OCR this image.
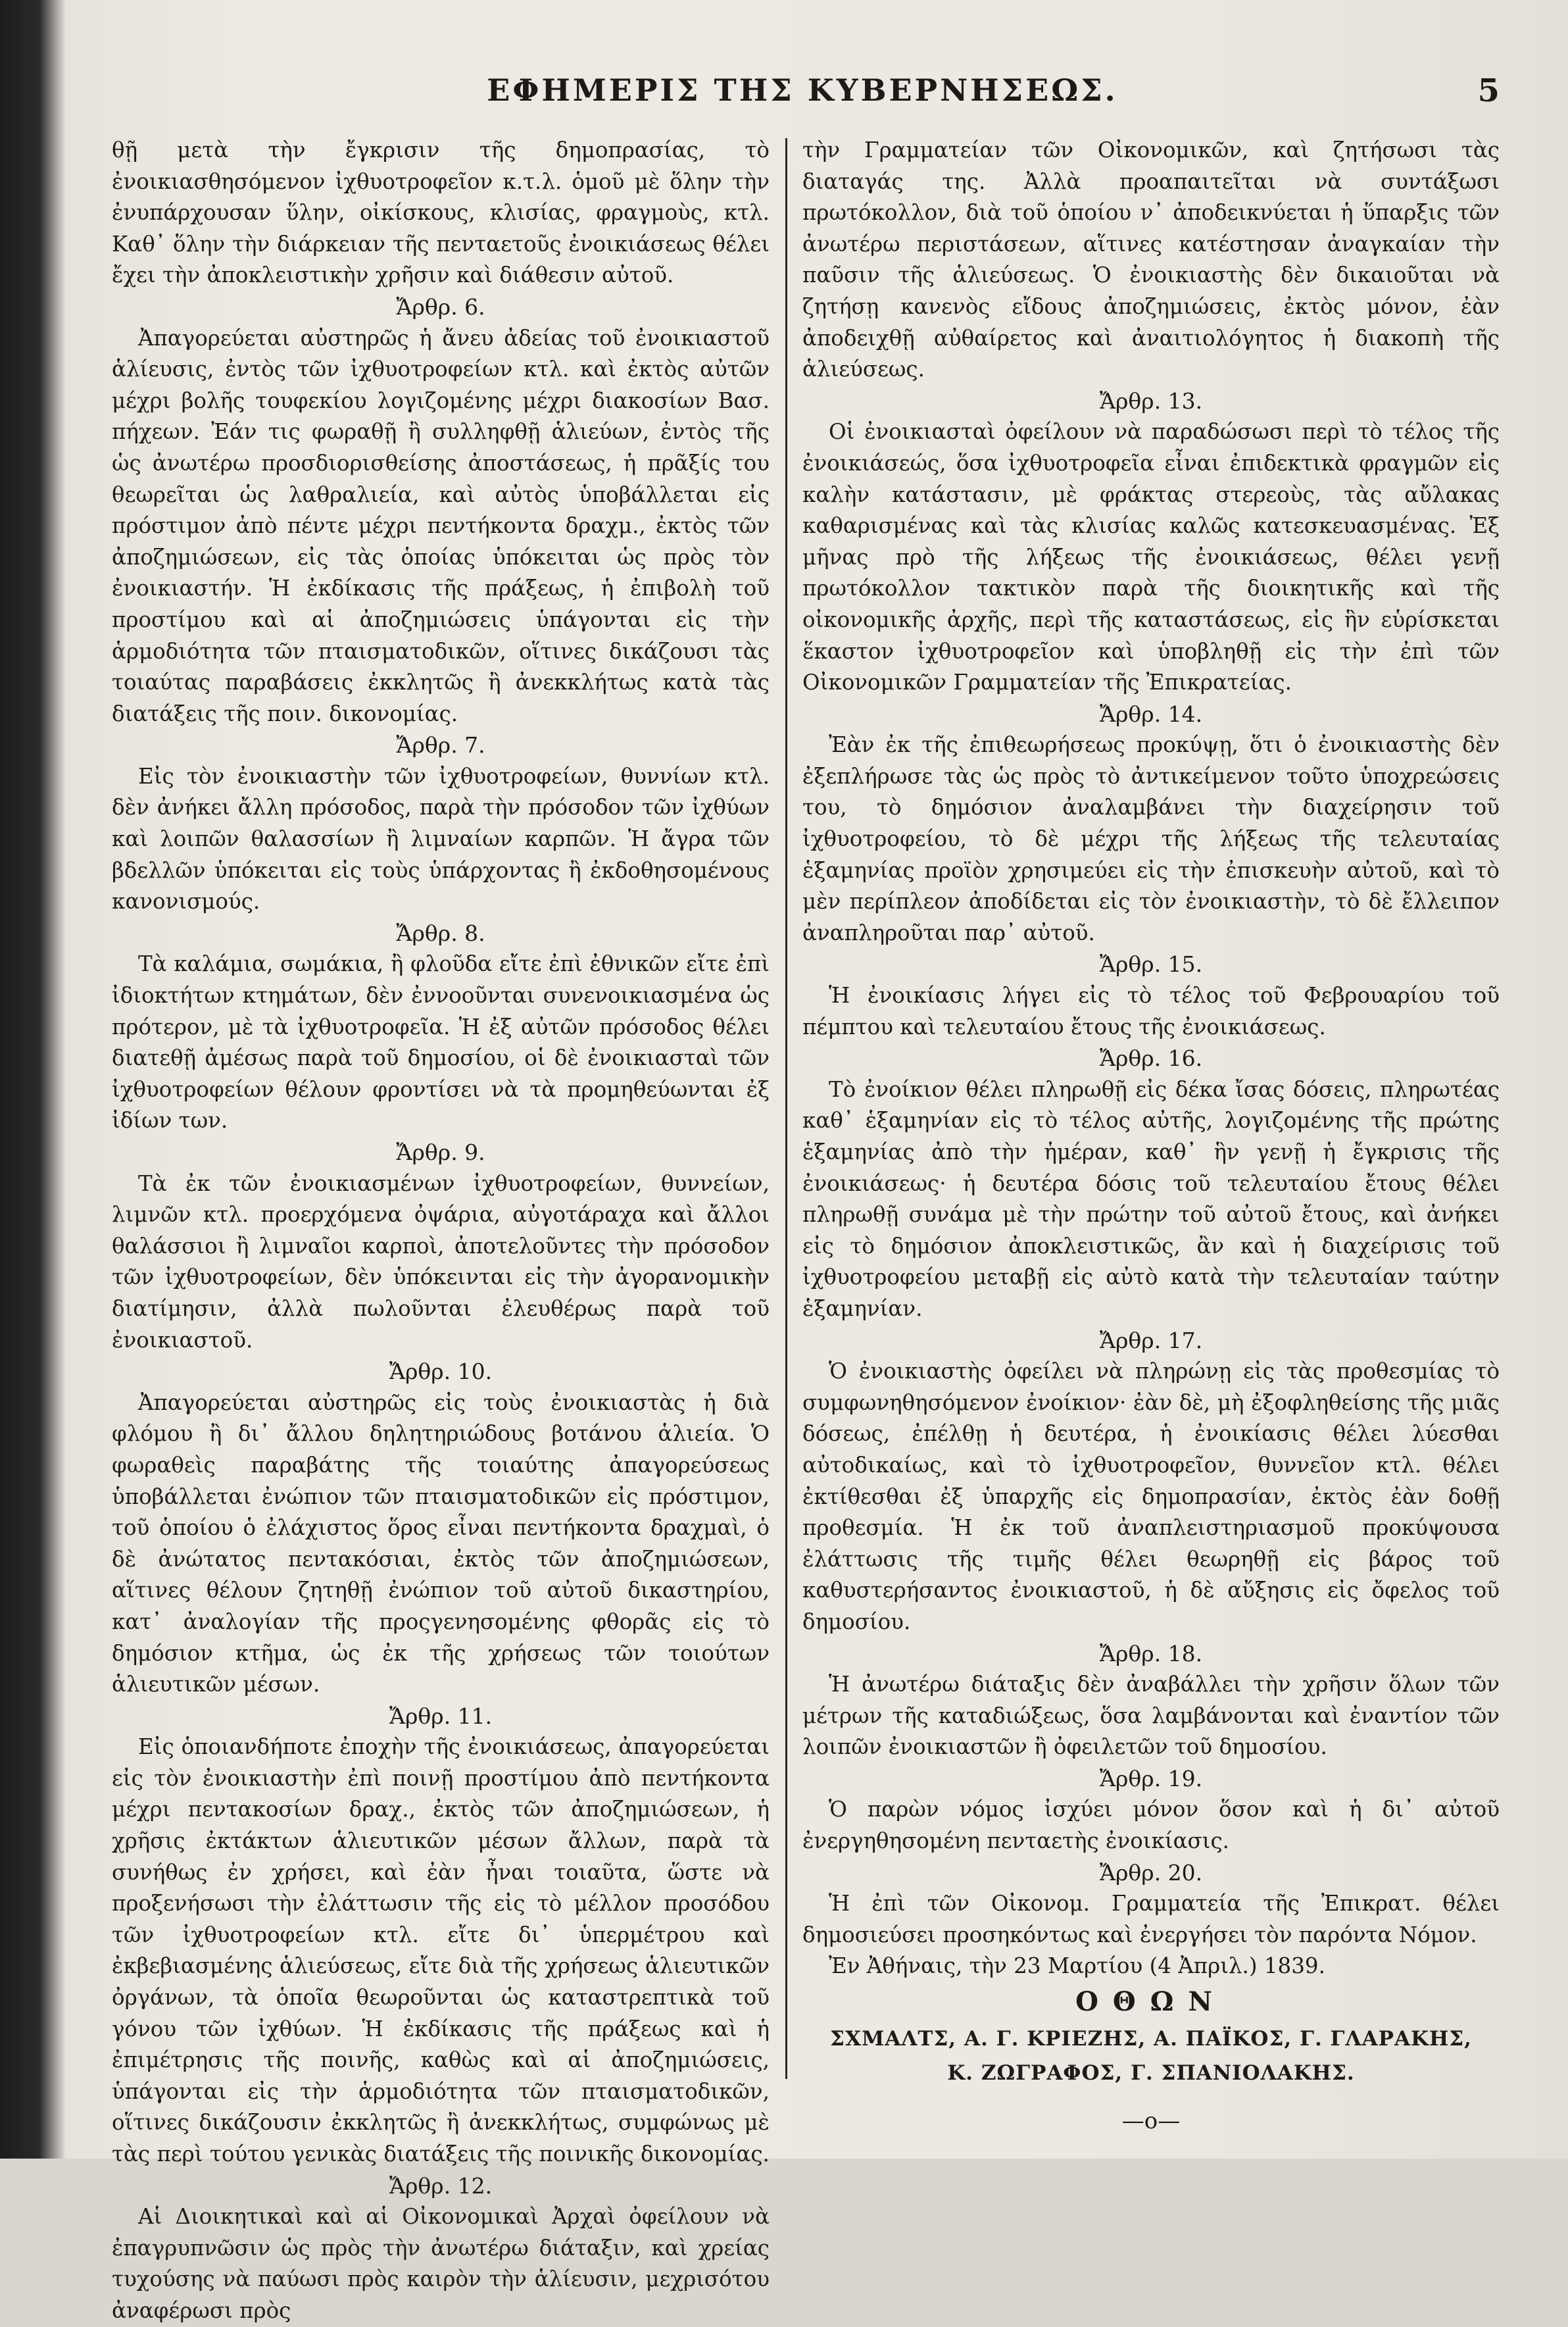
ΕΦΗΜΕΡΙΣ ΤΗΣ ΚΥΒΕΡΝΗΣΕΩΣ.	5

θῇ μετὰ τὴν ἔγκρισιν τῆς δημοπρασίας, τὸ ἐνοικιασθησόμενον ἰχθυοτροφεῖον κ.τ.λ. ὁμοῦ μὲ ὅλην τὴν ἐνυπάρχουσαν ὕλην, οἰκίσκους, κλισίας, φραγμοὺς, κτλ. Καθ᾽ ὅλην τὴν διάρκειαν τῆς πενταετοῦς ἐνοικιάσεως θέλει ἔχει τὴν ἀποκλειστικὴν χρῆσιν καὶ διάθεσιν αὐτοῦ.

Ἄρθρ. 6.

Ἀπαγορεύεται αὐστηρῶς ἡ ἄνευ ἀδείας τοῦ ἐνοικιαστοῦ ἁλίευσις, ἐντὸς τῶν ἰχθυοτροφείων κτλ. καὶ ἐκτὸς αὐτῶν μέχρι βολῆς τουφεκίου λογιζομένης μέχρι διακοσίων Βασ. πήχεων. Ἐάν τις φωραθῇ ἢ συλληφθῇ ἁλιεύων, ἐντὸς τῆς ὡς ἀνωτέρω προσδιορισθείσης ἀποστάσεως, ἡ πρᾶξίς του θεωρεῖται ὡς λαθραλιεία, καὶ αὐτὸς ὑποβάλλεται εἰς πρόστιμον ἀπὸ πέντε μέχρι πεντήκοντα δραχμ., ἐκτὸς τῶν ἀποζημιώσεων, εἰς τὰς ὁποίας ὑπόκειται ὡς πρὸς τὸν ἐνοικιαστήν. Ἡ ἐκδίκασις τῆς πράξεως, ἡ ἐπιβολὴ τοῦ προστίμου καὶ αἱ ἀποζημιώσεις ὑπάγονται εἰς τὴν ἁρμοδιότητα τῶν πταισματοδικῶν, οἵτινες δικάζουσι τὰς τοιαύτας παραβάσεις ἐκκλητῶς ἢ ἀνεκκλήτως κατὰ τὰς διατάξεις τῆς ποιν. δικονομίας.

Ἄρθρ. 7.

Εἰς τὸν ἐνοικιαστὴν τῶν ἰχθυοτροφείων, θυννίων κτλ. δὲν ἀνήκει ἄλλη πρόσοδος, παρὰ τὴν πρόσοδον τῶν ἰχθύων καὶ λοιπῶν θαλασσίων ἢ λιμναίων καρπῶν. Ἡ ἄγρα τῶν βδελλῶν ὑπόκειται εἰς τοὺς ὑπάρχοντας ἢ ἐκδοθησομένους κανονισμούς.

Ἄρθρ. 8.

Τὰ καλάμια, σωμάκια, ἢ φλοῦδα εἴτε ἐπὶ ἐθνικῶν εἴτε ἐπὶ ἰδιοκτήτων κτημάτων, δὲν ἐννοοῦνται συνενοικιασμένα ὡς πρότερον, μὲ τὰ ἰχθυοτροφεῖα. Ἡ ἐξ αὐτῶν πρόσοδος θέλει διατεθῇ ἀμέσως παρὰ τοῦ δημοσίου, οἱ δὲ ἐνοικιασταὶ τῶν ἰχθυοτροφείων θέλουν φροντίσει νὰ τὰ προμηθεύωνται ἐξ ἰδίων των.

Ἄρθρ. 9.

Τὰ ἐκ τῶν ἐνοικιασμένων ἰχθυοτροφείων, θυννείων, λιμνῶν κτλ. προερχόμενα ὀψάρια, αὐγοτάραχα καὶ ἄλλοι θαλάσσιοι ἢ λιμναῖοι καρποὶ, ἀποτελοῦντες τὴν πρόσοδον τῶν ἰχθυοτροφείων, δὲν ὑπόκεινται εἰς τὴν ἀγορανομικὴν διατίμησιν, ἀλλὰ πωλοῦνται ἐλευθέρως παρὰ τοῦ ἐνοικιαστοῦ.

Ἄρθρ. 10.

Ἀπαγορεύεται αὐστηρῶς εἰς τοὺς ἐνοικιαστὰς ἡ διὰ φλόμου ἢ δι᾽ ἄλλου δηλητηριώδους βοτάνου ἁλιεία. Ὁ φωραθεὶς παραβάτης τῆς τοιαύτης ἀπαγορεύσεως ὑποβάλλεται ἐνώπιον τῶν πταισματοδικῶν εἰς πρόστιμον, τοῦ ὁποίου ὁ ἐλάχιστος ὅρος εἶναι πεντήκοντα δραχμαὶ, ὁ δὲ ἀνώτατος πεντακόσιαι, ἐκτὸς τῶν ἀποζημιώσεων, αἵτινες θέλουν ζητηθῇ ἐνώπιον τοῦ αὐτοῦ δικαστηρίου, κατ᾽ ἀναλογίαν τῆς προςγενησομένης φθορᾶς εἰς τὸ δημόσιον κτῆμα, ὡς ἐκ τῆς χρήσεως τῶν τοιούτων ἁλιευτικῶν μέσων.

Ἄρθρ. 11.

Εἰς ὁποιανδήποτε ἐποχὴν τῆς ἐνοικιάσεως, ἀπαγορεύεται εἰς τὸν ἐνοικιαστὴν ἐπὶ ποινῇ προστίμου ἀπὸ πεντήκοντα μέχρι πεντακοσίων δραχ., ἐκτὸς τῶν ἀποζημιώσεων, ἡ χρῆσις ἐκτάκτων ἁλιευτικῶν μέσων ἄλλων, παρὰ τὰ συνήθως ἐν χρήσει, καὶ ἐὰν ἦναι τοιαῦτα, ὥστε νὰ προξενήσωσι τὴν ἐλάττωσιν τῆς εἰς τὸ μέλλον προσόδου τῶν ἰχθυοτροφείων κτλ. εἴτε δι᾽ ὑπερμέτρου καὶ ἐκβεβιασμένης ἁλιεύσεως, εἴτε διὰ τῆς χρήσεως ἁλιευτικῶν ὀργάνων, τὰ ὁποῖα θεωροῦνται ὡς καταστρεπτικὰ τοῦ γόνου τῶν ἰχθύων. Ἡ ἐκδίκασις τῆς πράξεως καὶ ἡ ἐπιμέτρησις τῆς ποινῆς, καθὼς καὶ αἱ ἀποζημιώσεις, ὑπάγονται εἰς τὴν ἁρμοδιότητα τῶν πταισματοδικῶν, οἵτινες δικάζουσιν ἐκκλητῶς ἢ ἀνεκκλήτως, συμφώνως μὲ τὰς περὶ τούτου γενικὰς διατάξεις τῆς ποινικῆς δικονομίας.

Ἄρθρ. 12.

Αἱ Διοικητικαὶ καὶ αἱ Οἰκονομικαὶ Ἀρχαὶ ὀφείλουν νὰ ἐπαγρυπνῶσιν ὡς πρὸς τὴν ἀνωτέρω διάταξιν, καὶ χρείας τυχούσης νὰ παύωσι πρὸς καιρὸν τὴν ἁλίευσιν, μεχρισότου ἀναφέρωσι πρὸς

τὴν Γραμματείαν τῶν Οἰκονομικῶν, καὶ ζητήσωσι τὰς διαταγάς της. Ἀλλὰ προαπαιτεῖται νὰ συντάξωσι πρωτόκολλον, διὰ τοῦ ὁποίου ν᾽ ἀποδεικνύεται ἡ ὕπαρξις τῶν ἀνωτέρω περιστάσεων, αἵτινες κατέστησαν ἀναγκαίαν τὴν παῦσιν τῆς ἁλιεύσεως. Ὁ ἐνοικιαστὴς δὲν δικαιοῦται νὰ ζητήσῃ κανενὸς εἴδους ἀποζημιώσεις, ἐκτὸς μόνον, ἐὰν ἀποδειχθῇ αὐθαίρετος καὶ ἀναιτιολόγητος ἡ διακοπὴ τῆς ἁλιεύσεως.

Ἄρθρ. 13.

Οἱ ἐνοικιασταὶ ὀφείλουν νὰ παραδώσωσι περὶ τὸ τέλος τῆς ἐνοικιάσεώς, ὅσα ἰχθυοτροφεῖα εἶναι ἐπιδεκτικὰ φραγμῶν εἰς καλὴν κατάστασιν, μὲ φράκτας στερεοὺς, τὰς αὔλακας καθαρισμένας καὶ τὰς κλισίας καλῶς κατεσκευασμένας. Ἐξ μῆνας πρὸ τῆς λήξεως τῆς ἐνοικιάσεως, θέλει γενῇ πρωτόκολλον τακτικὸν παρὰ τῆς διοικητικῆς καὶ τῆς οἰκονομικῆς ἀρχῆς, περὶ τῆς καταστάσεως, εἰς ἣν εὑρίσκεται ἕκαστον ἰχθυοτροφεῖον καὶ ὑποβληθῇ εἰς τὴν ἐπὶ τῶν Οἰκονομικῶν Γραμματείαν τῆς Ἐπικρατείας.

Ἄρθρ. 14.

Ἐὰν ἐκ τῆς ἐπιθεωρήσεως προκύψῃ, ὅτι ὁ ἐνοικιαστὴς δὲν ἐξεπλήρωσε τὰς ὡς πρὸς τὸ ἀντικείμενον τοῦτο ὑποχρεώσεις του, τὸ δημόσιον ἀναλαμβάνει τὴν διαχείρησιν τοῦ ἰχθυοτροφείου, τὸ δὲ μέχρι τῆς λήξεως τῆς τελευταίας ἑξαμηνίας προϊὸν χρησιμεύει εἰς τὴν ἐπισκευὴν αὐτοῦ, καὶ τὸ μὲν περίπλεον ἀποδίδεται εἰς τὸν ἐνοικιαστὴν, τὸ δὲ ἔλλειπον ἀναπληροῦται παρ᾽ αὐτοῦ.

Ἄρθρ. 15.

Ἡ ἐνοικίασις λήγει εἰς τὸ τέλος τοῦ Φεβρουαρίου τοῦ πέμπτου καὶ τελευταίου ἔτους τῆς ἐνοικιάσεως.

Ἄρθρ. 16.

Τὸ ἐνοίκιον θέλει πληρωθῇ εἰς δέκα ἴσας δόσεις, πληρωτέας καθ᾽ ἑξαμηνίαν εἰς τὸ τέλος αὐτῆς, λογιζομένης τῆς πρώτης ἑξαμηνίας ἀπὸ τὴν ἡμέραν, καθ᾽ ἣν γενῇ ἡ ἔγκρισις τῆς ἐνοικιάσεως· ἡ δευτέρα δόσις τοῦ τελευταίου ἔτους θέλει πληρωθῇ συνάμα μὲ τὴν πρώτην τοῦ αὐτοῦ ἔτους, καὶ ἀνήκει εἰς τὸ δημόσιον ἀποκλειστικῶς, ἂν καὶ ἡ διαχείρισις τοῦ ἰχθυοτροφείου μεταβῇ εἰς αὐτὸ κατὰ τὴν τελευταίαν ταύτην ἑξαμηνίαν.

Ἄρθρ. 17.

Ὁ ἐνοικιαστὴς ὀφείλει νὰ πληρώνῃ εἰς τὰς προθεσμίας τὸ συμφωνηθησόμενον ἐνοίκιον· ἐὰν δὲ, μὴ ἐξοφληθείσης τῆς μιᾶς δόσεως, ἐπέλθῃ ἡ δευτέρα, ἡ ἐνοικίασις θέλει λύεσθαι αὐτοδικαίως, καὶ τὸ ἰχθυοτροφεῖον, θυννεῖον κτλ. θέλει ἐκτίθεσθαι ἐξ ὑπαρχῆς εἰς δημοπρασίαν, ἐκτὸς ἐὰν δοθῇ προθεσμία. Ἡ ἐκ τοῦ ἀναπλειστηριασμοῦ προκύψουσα ἐλάττωσις τῆς τιμῆς θέλει θεωρηθῇ εἰς βάρος τοῦ καθυστερήσαντος ἐνοικιαστοῦ, ἡ δὲ αὔξησις εἰς ὄφελος τοῦ δημοσίου.

Ἄρθρ. 18.

Ἡ ἀνωτέρω διάταξις δὲν ἀναβάλλει τὴν χρῆσιν ὅλων τῶν μέτρων τῆς καταδιώξεως, ὅσα λαμβάνονται καὶ ἐναντίον τῶν λοιπῶν ἐνοικιαστῶν ἢ ὀφειλετῶν τοῦ δημοσίου.

Ἄρθρ. 19.

Ὁ παρὼν νόμος ἰσχύει μόνον ὅσον καὶ ἡ δι᾽ αὐτοῦ ἐνεργηθησομένη πενταετὴς ἐνοικίασις.

Ἄρθρ. 20.

Ἡ ἐπὶ τῶν Οἰκονομ. Γραμματεία τῆς Ἐπικρατ. θέλει δημοσιεύσει προσηκόντως καὶ ἐνεργήσει τὸν παρόντα Νόμον.

Ἐν Ἀθήναις, τὴν 23 Μαρτίου (4 Ἀπριλ.) 1839.

ΟΘΩΝ

ΣΧΜΑΛΤΣ, Α. Γ. ΚΡΙΕΖΗΣ, Α. ΠΑΪΚΟΣ, Γ. ΓΛΑΡΑΚΗΣ,

Κ. ΖΩΓΡΑΦΟΣ, Γ. ΣΠΑΝΙΟΛΑΚΗΣ.

—o—
